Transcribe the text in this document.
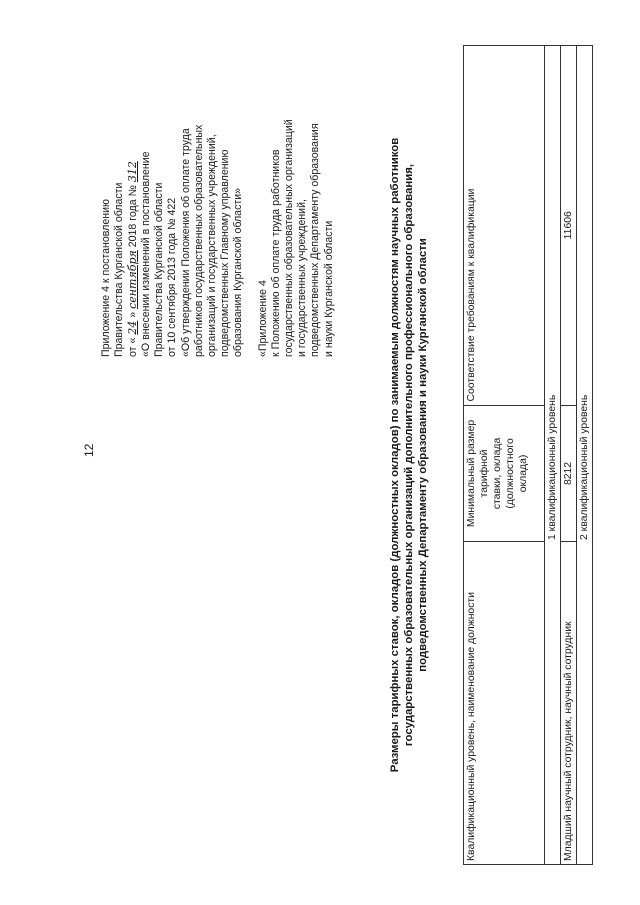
12
Приложение 4 к постановлению Правительства Курганской области от « 24 » сентября 2018 года № 312 «О внесении изменений в постановление Правительства Курганской области от 10 сентября 2013 года № 422 «Об утверждении Положения об оплате труда работников государственных образовательных организаций и государственных учреждений, подведомственных Главному управлению образования Курганской области» «Приложение 4 к Положению об оплате труда работников государственных образовательных организаций и государственных учреждений, подведомственных Департаменту образования и науки Курганской области	Размеры тарифных ставок, окладов (должностных окладов) по занимаемым должностям научных работников государственных образовательных организаций дополнительного профессионального образования, подведомственных Департаменту образования и науки Курганской области
Квалификационный уровень, наименование должности	Минимальный размер тарифной ставки, оклада (должностного оклада)	Соответствие требованиям к квалификации
1 квалификационный уровень		
Младший научный сотрудник, научный сотрудник	8212	11606
2 квалификационный уровень		
